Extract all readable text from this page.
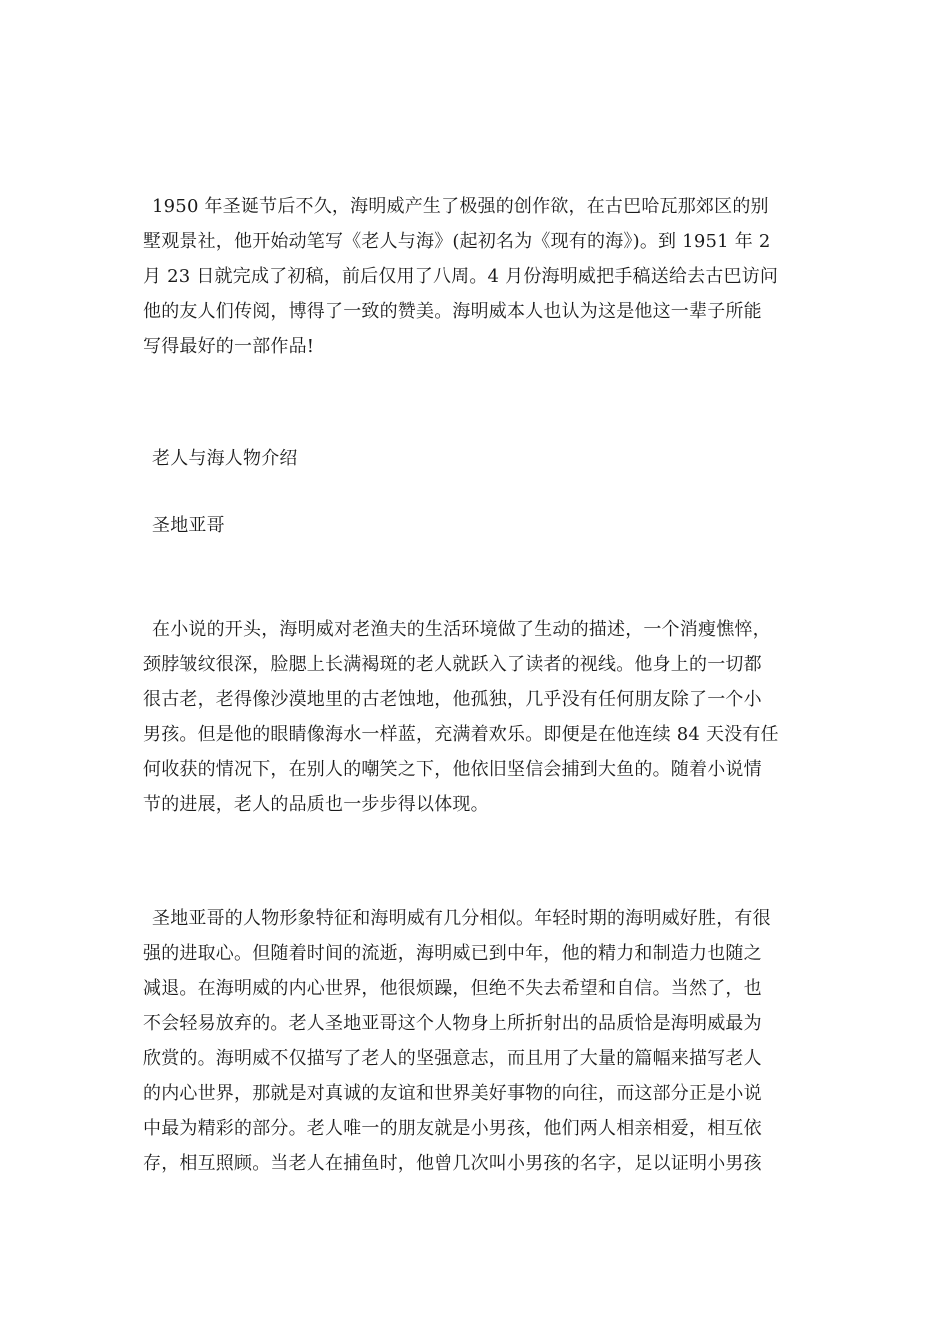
1950 年圣诞节后不久，海明威产生了极强的创作欲，在古巴哈瓦那郊区的别
墅观景社，他开始动笔写《老人与海》(起初名为《现有的海》)。到 1951 年 2
月 23 日就完成了初稿，前后仅用了八周。4 月份海明威把手稿送给去古巴访问
他的友人们传阅，博得了一致的赞美。海明威本人也认为这是他这一辈子所能
写得最好的一部作品!
老人与海人物介绍
圣地亚哥
在小说的开头，海明威对老渔夫的生活环境做了生动的描述，一个消瘦憔悴，
颈脖皱纹很深，脸腮上长满褐斑的老人就跃入了读者的视线。他身上的一切都
很古老，老得像沙漠地里的古老蚀地，他孤独，几乎没有任何朋友除了一个小
男孩。但是他的眼睛像海水一样蓝，充满着欢乐。即便是在他连续 84 天没有任
何收获的情况下，在别人的嘲笑之下，他依旧坚信会捕到大鱼的。随着小说情
节的进展，老人的品质也一步步得以体现。
圣地亚哥的人物形象特征和海明威有几分相似。年轻时期的海明威好胜，有很
强的进取心。但随着时间的流逝，海明威已到中年，他的精力和制造力也随之
减退。在海明威的内心世界，他很烦躁，但绝不失去希望和自信。当然了，也
不会轻易放弃的。老人圣地亚哥这个人物身上所折射出的品质恰是海明威最为
欣赏的。海明威不仅描写了老人的坚强意志，而且用了大量的篇幅来描写老人
的内心世界，那就是对真诚的友谊和世界美好事物的向往，而这部分正是小说
中最为精彩的部分。老人唯一的朋友就是小男孩，他们两人相亲相爱，相互依
存，相互照顾。当老人在捕鱼时，他曾几次叫小男孩的名字，足以证明小男孩
